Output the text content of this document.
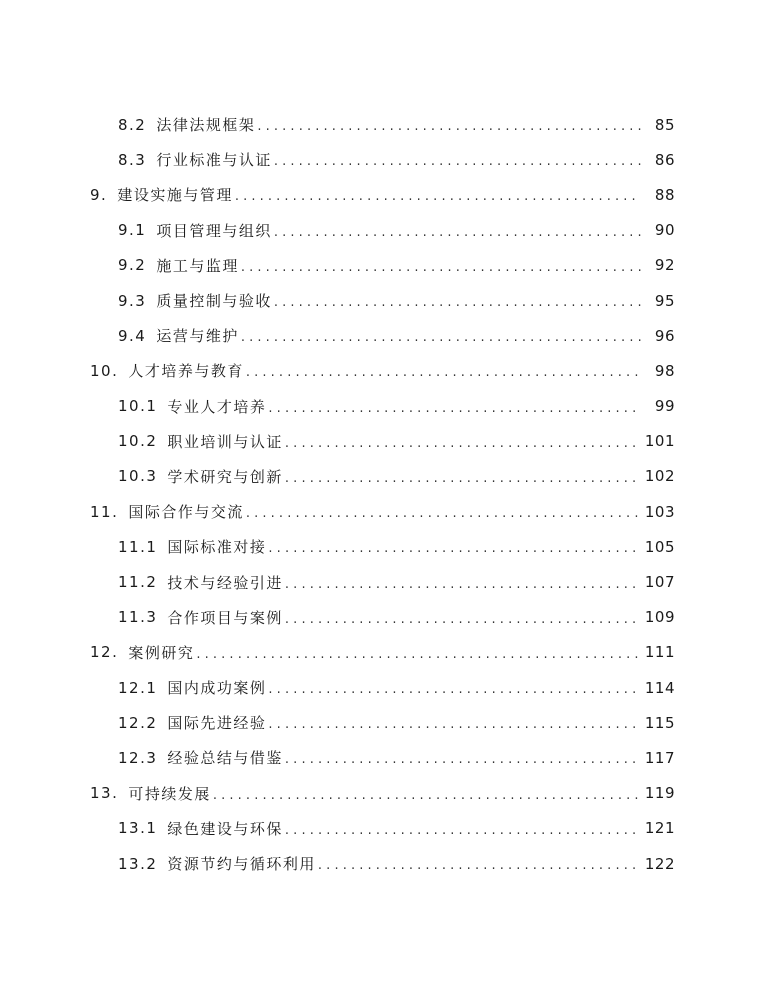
8.2 法律法规框架 . . .	85
8.3 行业标准与认证 . . .	86
9. 建设实施与管理 . . .	88
9.1 项目管理与组织 . . .	90
9.2 施工与监理 . . .	92
9.3 质量控制与验收 . . .	95
9.4 运营与维护 . . .	96
10. 人才培养与教育 . . .	98
10.1 专业人才培养 . . .	99
10.2 职业培训与认证 . . .	101
10.3 学术研究与创新 . . .	102
11. 国际合作与交流 . . .	103
11.1 国际标准对接 . . .	105
11.2 技术与经验引进 . . .	107
11.3 合作项目与案例 . . .	109
12. 案例研究 . . .	111
12.1 国内成功案例 . . .	114
12.2 国际先进经验 . . .	115
12.3 经验总结与借鉴 . . .	117
13. 可持续发展 . . .	119
13.1 绿色建设与环保 . . .	121
13.2 资源节约与循环利用 . . .	122
